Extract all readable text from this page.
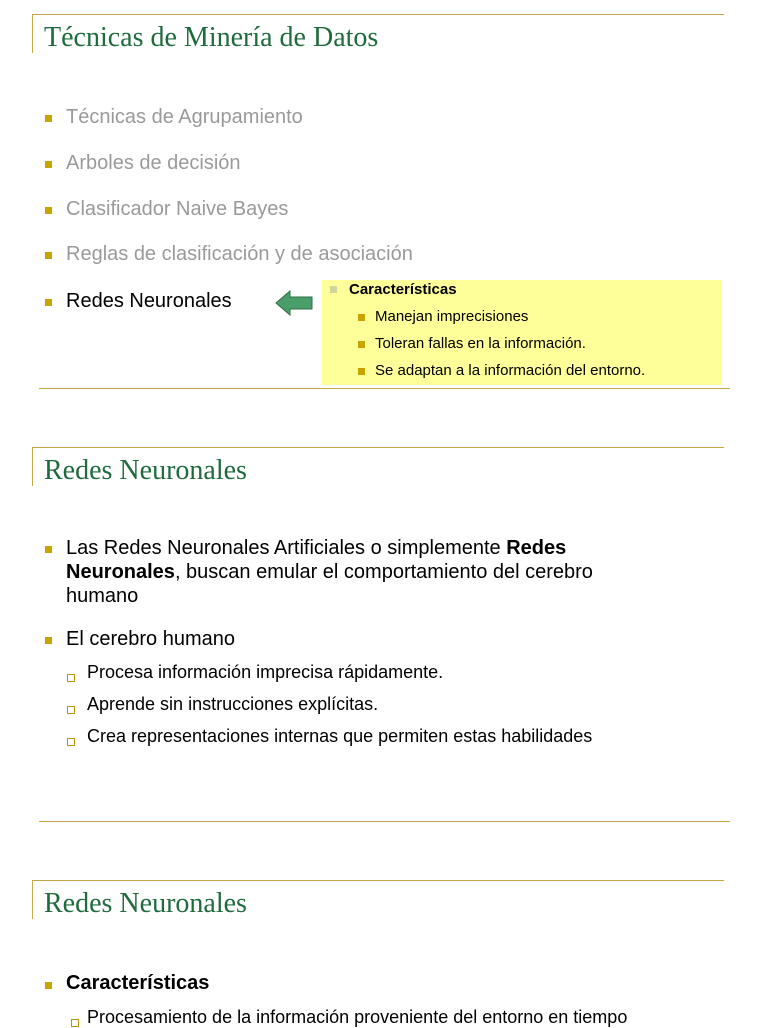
Técnicas de Minería de Datos
Técnicas de Agrupamiento
Arboles de decisión
Clasificador Naive Bayes
Reglas de clasificación y de asociación
Redes Neuronales
Características
Manejan imprecisiones
Toleran fallas en la información.
Se adaptan a la información del entorno.
Redes Neuronales
Las Redes Neuronales Artificiales o simplemente Redes
Neuronales, buscan emular el comportamiento del cerebro
humano
El cerebro humano
Procesa información imprecisa rápidamente.
Aprende sin instrucciones explícitas.
Crea representaciones internas que permiten estas habilidades
Redes Neuronales
Características
Procesamiento de la información proveniente del entorno en tiempo
